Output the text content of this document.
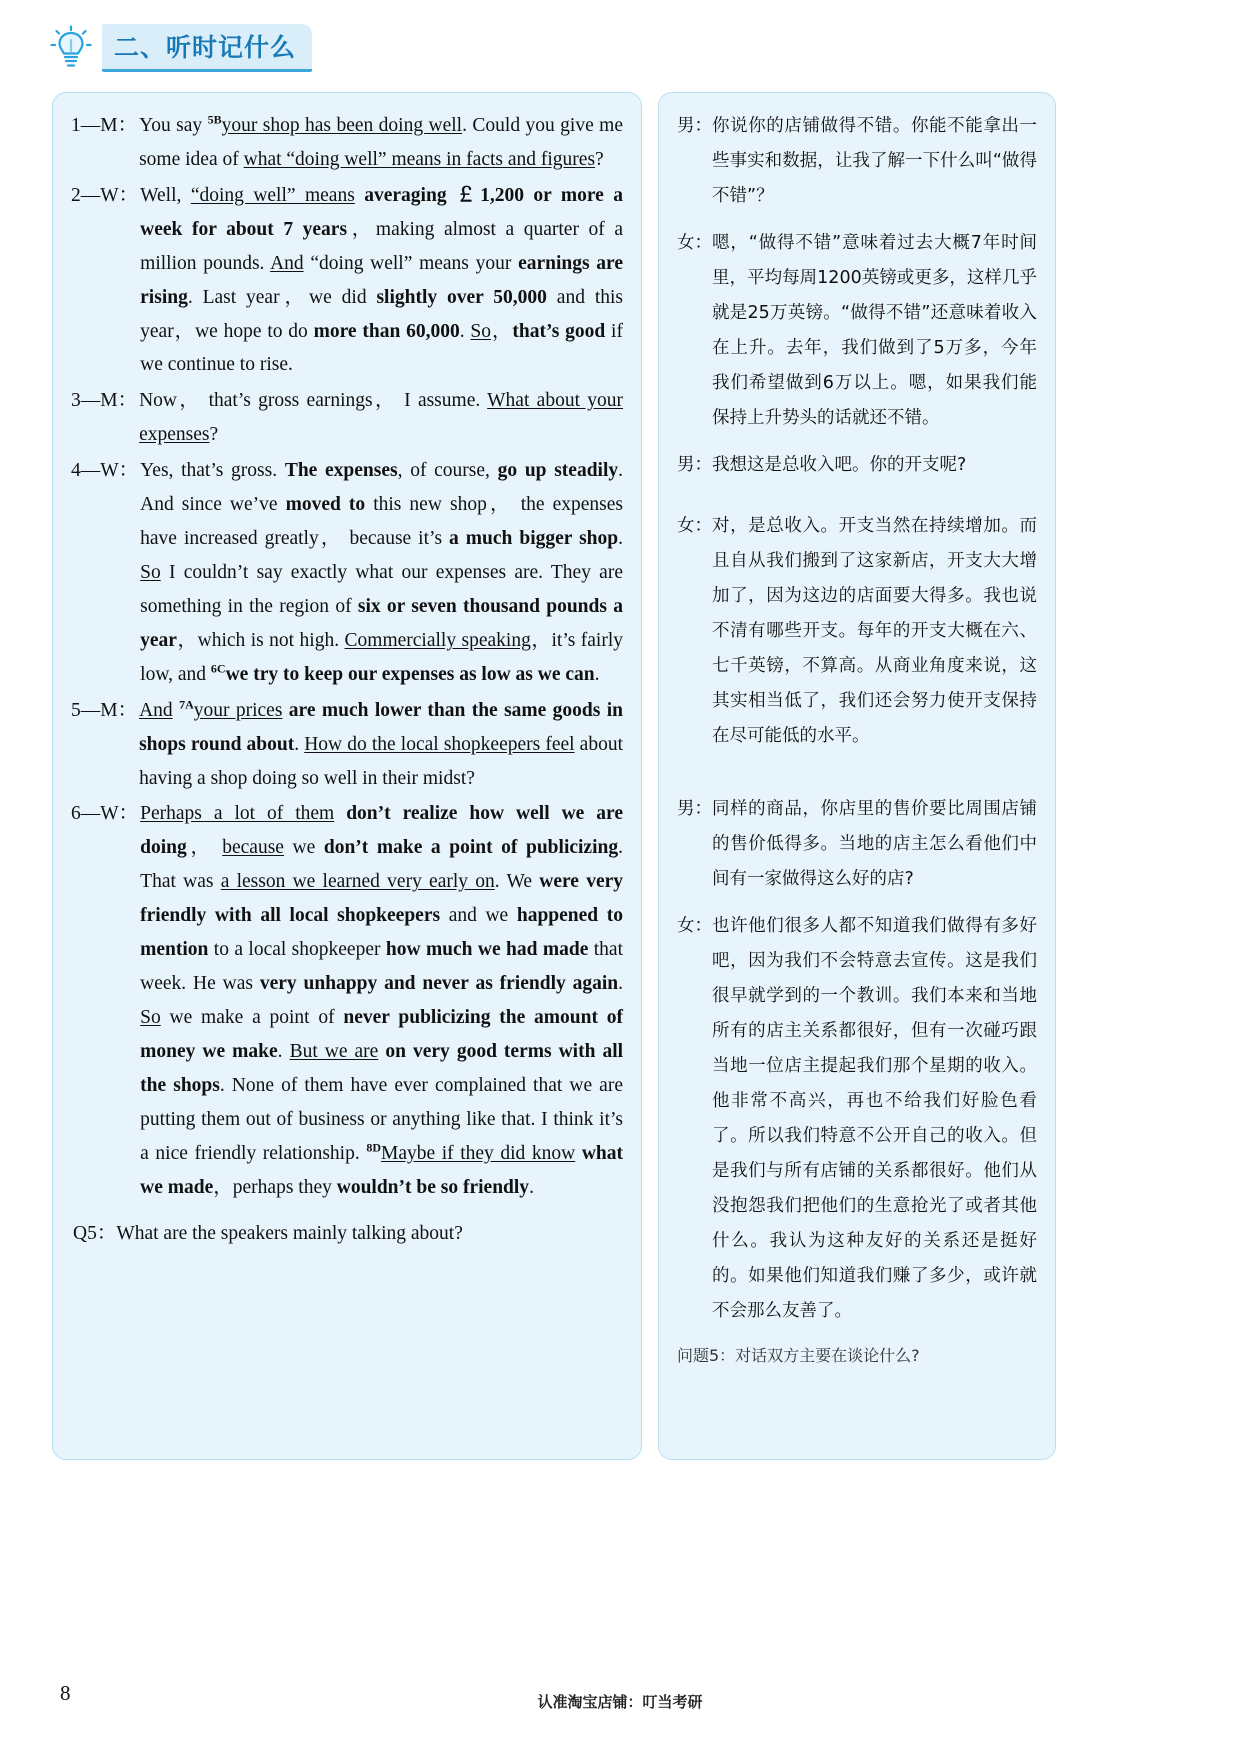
二、听时记什么
1—M： You say $^{5B}$your shop has been doing well. Could you give me some idea of what “doing well” means in facts and figures?
2—W： Well, “doing well” means averaging ￡1,200 or more a week for about 7 years，making almost a quarter of a million pounds. And “doing well” means your earnings are rising. Last year，we did slightly over 50,000 and this year，we hope to do more than 60,000. So，that’s good if we continue to rise.
3—M： Now， that’s gross earnings， I assume. What about your expenses?
4—W： Yes, that’s gross. The expenses, of course, go up steadily. And since we’ve moved to this new shop， the expenses have increased greatly， because it’s a much bigger shop. So I couldn’t say exactly what our expenses are. They are something in the region of six or seven thousand pounds a year，which is not high. Commercially speaking，it’s fairly low, and $^{6C}$we try to keep our expenses as low as we can.
5—M： And $^{7A}$your prices are much lower than the same goods in shops round about. How do the local shopkeepers feel about having a shop doing so well in their midst?
6—W： Perhaps a lot of them don’t realize how well we are doing， because we don’t make a point of publicizing. That was a lesson we learned very early on. We were very friendly with all local shopkeepers and we happened to mention to a local shopkeeper how much we had made that week. He was very unhappy and never as friendly again. So we make a point of never publicizing the amount of money we make. But we are on very good terms with all the shops. None of them have ever complained that we are putting them out of business or anything like that. I think it’s a nice friendly relationship. $^{8D}$Maybe if they did know what we made，perhaps they wouldn’t be so friendly.
Q5：What are the speakers mainly talking about?
男： 你说你的店铺做得不错。你能不能拿出一些事实和数据，让我了解一下什么叫“做得不错”？
女： 嗯，“做得不错”意味着过去大概7年时间里，平均每周1200英镑或更多，这样几乎就是25万英镑。“做得不错”还意味着收入在上升。去年，我们做到了5万多，今年我们希望做到6万以上。嗯，如果我们能保持上升势头的话就还不错。
男： 我想这是总收入吧。你的开支呢?
女： 对，是总收入。开支当然在持续增加。而且自从我们搬到了这家新店，开支大大增加了，因为这边的店面要大得多。我也说不清有哪些开支。每年的开支大概在六、七千英镑，不算高。从商业角度来说，这其实相当低了，我们还会努力使开支保持在尽可能低的水平。
男： 同样的商品，你店里的售价要比周围店铺的售价低得多。当地的店主怎么看他们中间有一家做得这么好的店?
女： 也许他们很多人都不知道我们做得有多好吧，因为我们不会特意去宣传。这是我们很早就学到的一个教训。我们本来和当地所有的店主关系都很好，但有一次碰巧跟当地一位店主提起我们那个星期的收入。他非常不高兴，再也不给我们好脸色看了。所以我们特意不公开自己的收入。但是我们与所有店铺的关系都很好。他们从没抱怨我们把他们的生意抢光了或者其他什么。我认为这种友好的关系还是挺好的。如果他们知道我们赚了多少，或许就不会那么友善了。
问题5：对话双方主要在谈论什么?
8	认准淘宝店铺：叮当考研
